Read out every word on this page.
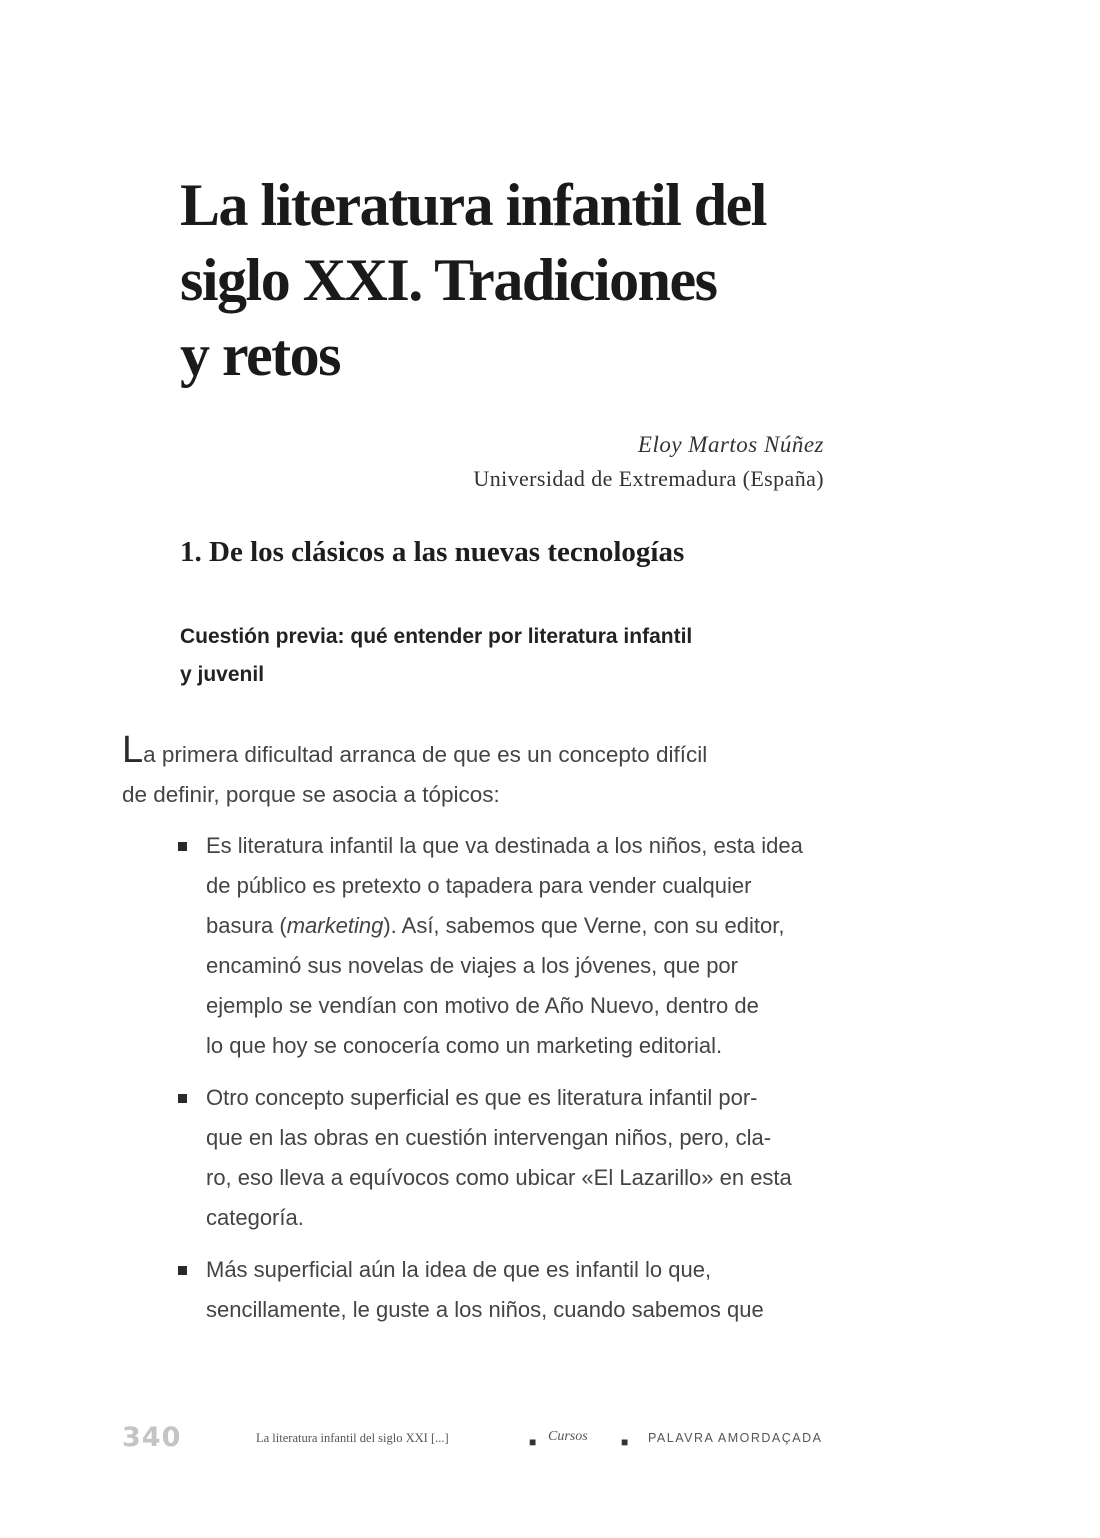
La literatura infantil del
siglo XXI. Tradiciones
y retos
Eloy Martos Núñez
Universidad de Extremadura (España)
1. De los clásicos a las nuevas tecnologías
Cuestión previa: qué entender por literatura infantil
y juvenil

La primera dificultad arranca de que es un concepto difícil
de definir, porque se asocia a tópicos:

Es literatura infantil la que va destinada a los niños, esta idea
de público es pretexto o tapadera para vender cualquier
basura (marketing). Así, sabemos que Verne, con su editor,
encaminó sus novelas de viajes a los jóvenes, que por
ejemplo se vendían con motivo de Año Nuevo, dentro de
lo que hoy se conocería como un marketing editorial.
Otro concepto superficial es que es literatura infantil por-
que en las obras en cuestión intervengan niños, pero, cla-
ro, eso lleva a equívocos como ubicar «El Lazarillo» en esta
categoría.
Más superficial aún la idea de que es infantil lo que,
sencillamente, le guste a los niños, cuando sabemos que
340	La literatura infantil del siglo XXI [...]	■ Cursos	■ PALAVRA AMORDAÇADA
